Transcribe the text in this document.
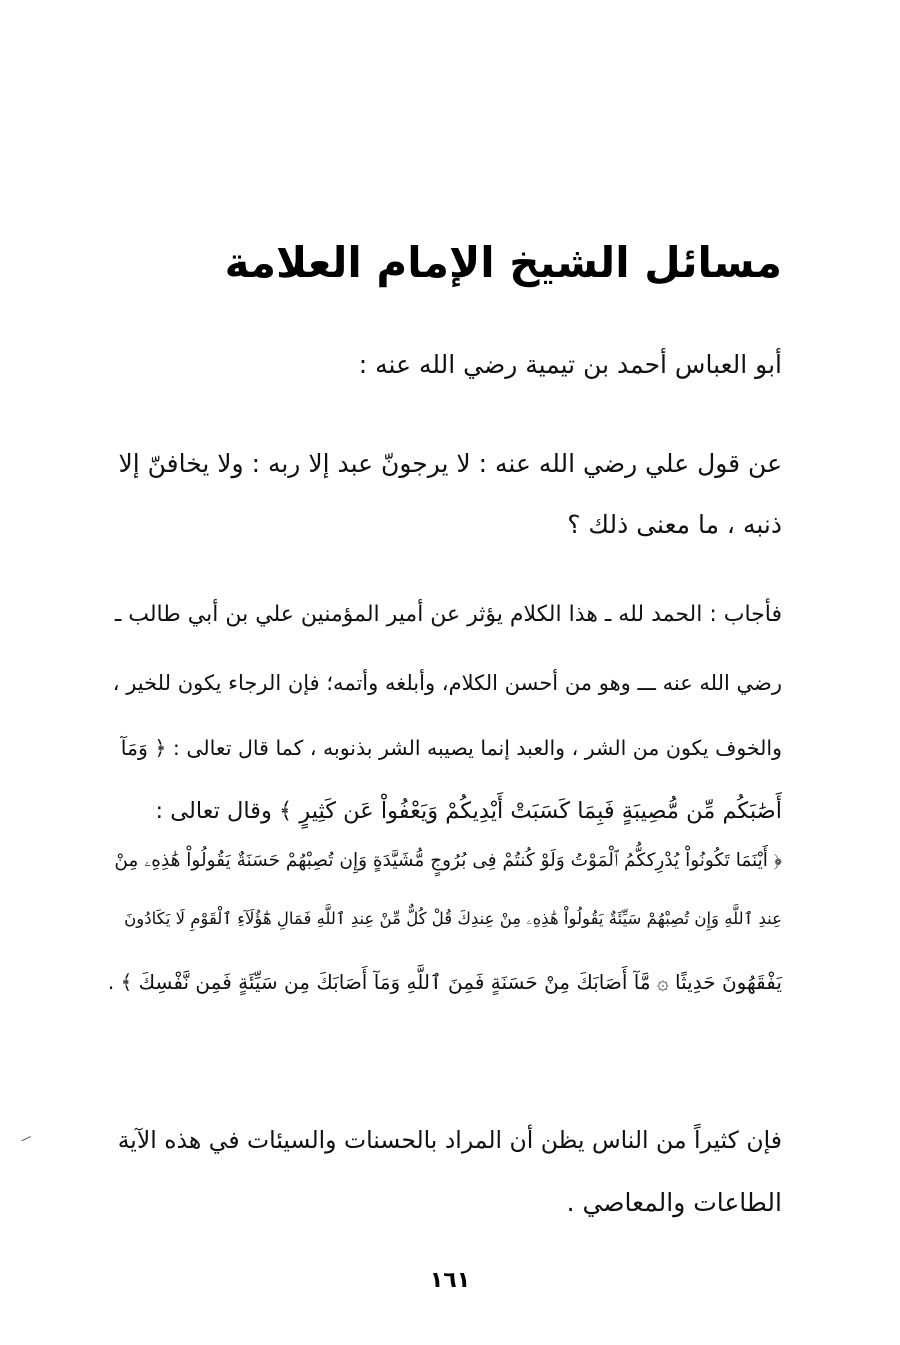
مسائل الشيخ الإمام العلامة
أبو العباس أحمد بن تيمية رضي الله عنه :
عن قول علي رضي الله عنه : لا يرجونّ عبد إلا ربه : ولا يخافنّ إلا
ذنبه ، ما معنى ذلك ؟
فأجاب : الحمد لله ـ هذا الكلام يؤثر عن أمير المؤمنين علي بن أبي طالب ـ
رضي الله عنه ـــ وهو من أحسن الكلام، وأبلغه وأتمه؛ فإن الرجاء يكون للخير ،
والخوف يكون من الشر ، والعبد إنما يصيبه الشر بذنوبه ، كما قال تعالى : ﴿ وَمَآ
أَصَٰبَكُم مِّن مُّصِيبَةٍ فَبِمَا كَسَبَتْ أَيْدِيكُمْ وَيَعْفُواْ عَن كَثِيرٍ ﴾ وقال تعالى :
﴿ أَيْنَمَا تَكُونُواْ يُدْرِككُّمُ ٱلْمَوْتُ وَلَوْ كُنتُمْ فِى بُرُوجٍ مُّشَيَّدَةٍ وَإِن تُصِبْهُمْ حَسَنَةٌ يَقُولُواْ هَٰذِهِۦ مِنْ
عِندِ ٱللَّهِ وَإِن تُصِبْهُمْ سَيِّئَةٌ يَقُولُواْ هَٰذِهِۦ مِنْ عِندِكَ قُلْ كُلٌّ مِّنْ عِندِ ٱللَّهِ فَمَالِ هَٰٓؤُلَآءِ ٱلْقَوْمِ لَا يَكَادُونَ
يَفْقَهُونَ حَدِيثًا ۞ مَّآ أَصَابَكَ مِنْ حَسَنَةٍ فَمِنَ ٱللَّهِ وَمَآ أَصَابَكَ مِن سَيِّئَةٍ فَمِن نَّفْسِكَ ﴾ .
فإن كثيراً من الناس يظن أن المراد بالحسنات والسيئات في هذه الآية
الطاعات والمعاصي .
١٦١
